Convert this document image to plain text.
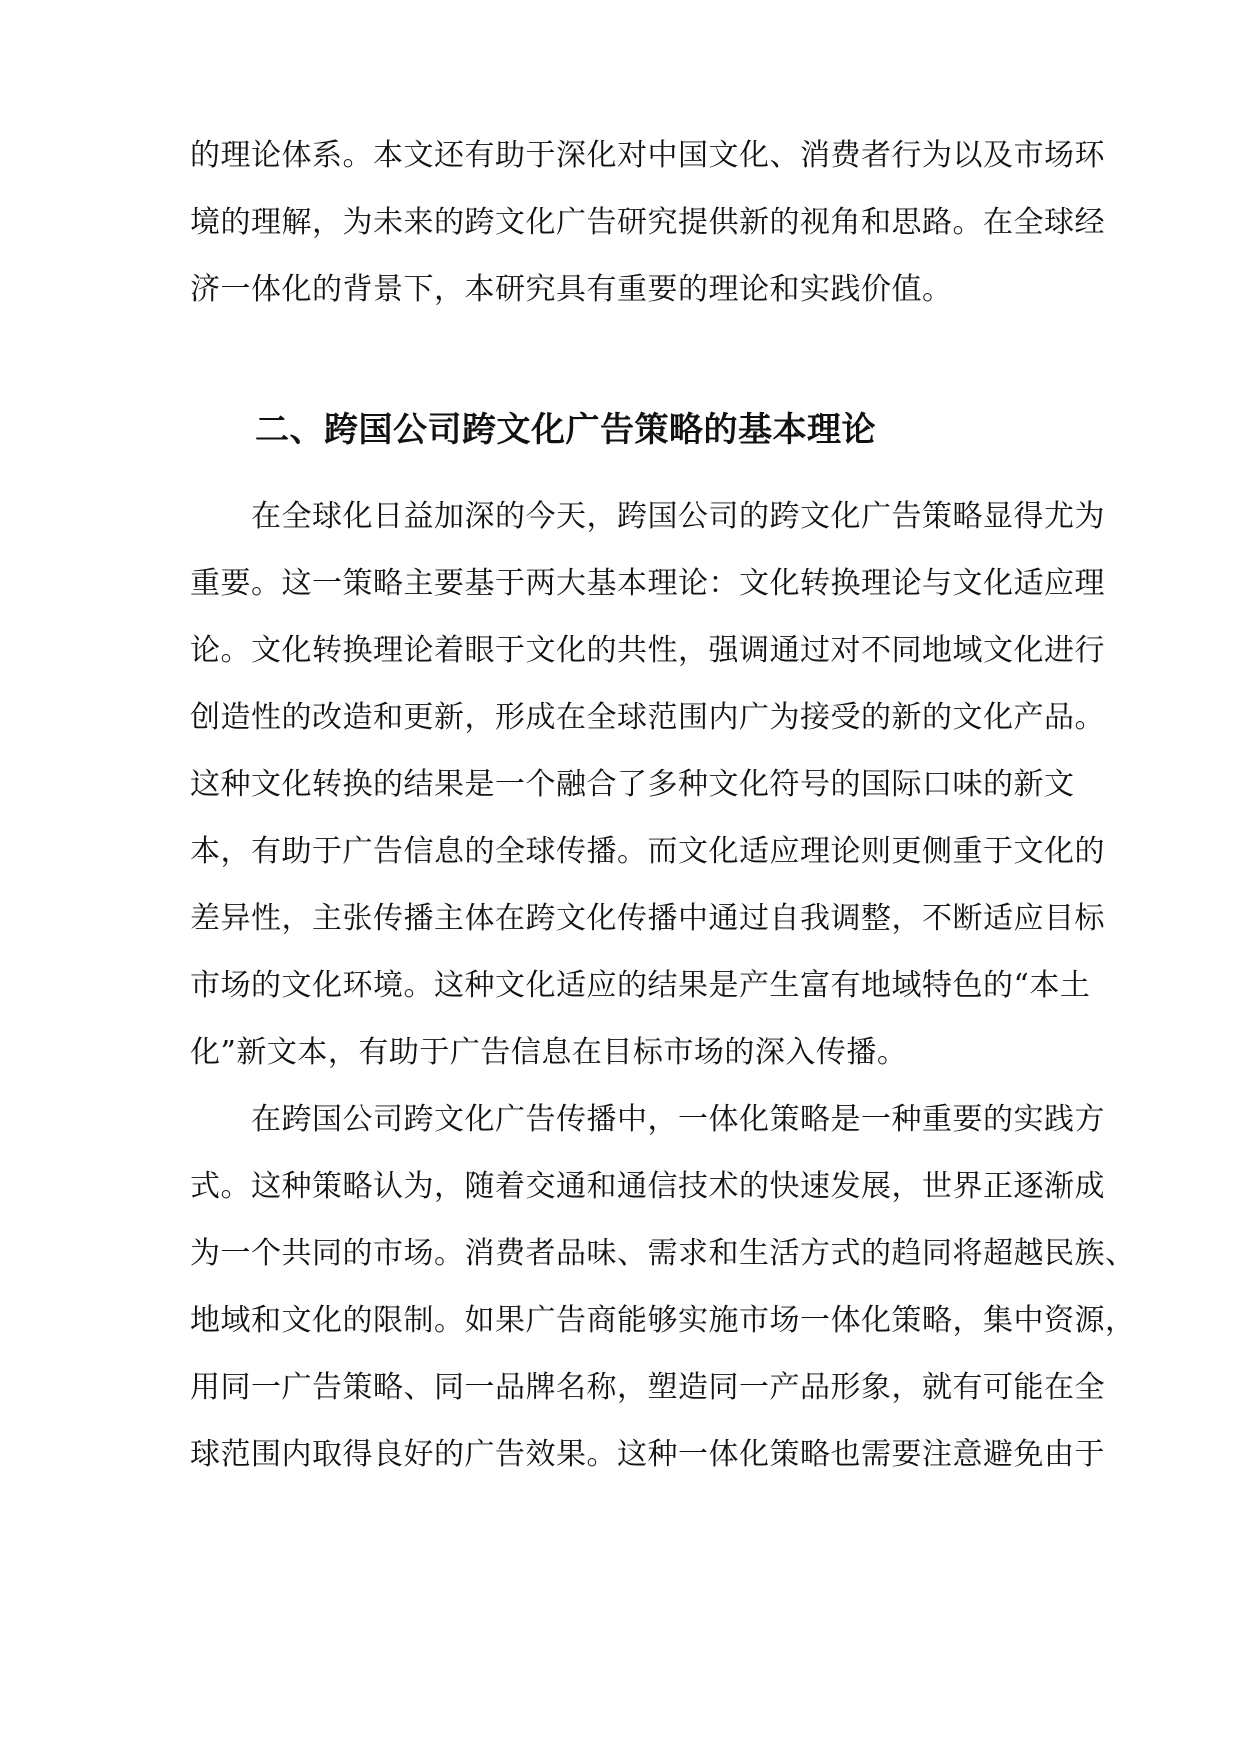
的理论体系。本文还有助于深化对中国文化、消费者行为以及市场环
境的理解，为未来的跨文化广告研究提供新的视角和思路。在全球经
济一体化的背景下，本研究具有重要的理论和实践价值。
二、跨国公司跨文化广告策略的基本理论
　　在全球化日益加深的今天，跨国公司的跨文化广告策略显得尤为
重要。这一策略主要基于两大基本理论：文化转换理论与文化适应理
论。文化转换理论着眼于文化的共性，强调通过对不同地域文化进行
创造性的改造和更新，形成在全球范围内广为接受的新的文化产品。
这种文化转换的结果是一个融合了多种文化符号的国际口味的新文
本，有助于广告信息的全球传播。而文化适应理论则更侧重于文化的
差异性，主张传播主体在跨文化传播中通过自我调整，不断适应目标
市场的文化环境。这种文化适应的结果是产生富有地域特色的“本土
化”新文本，有助于广告信息在目标市场的深入传播。
　　在跨国公司跨文化广告传播中，一体化策略是一种重要的实践方
式。这种策略认为，随着交通和通信技术的快速发展，世界正逐渐成
为一个共同的市场。消费者品味、需求和生活方式的趋同将超越民族、
地域和文化的限制。如果广告商能够实施市场一体化策略，集中资源，
用同一广告策略、同一品牌名称，塑造同一产品形象，就有可能在全
球范围内取得良好的广告效果。这种一体化策略也需要注意避免由于
